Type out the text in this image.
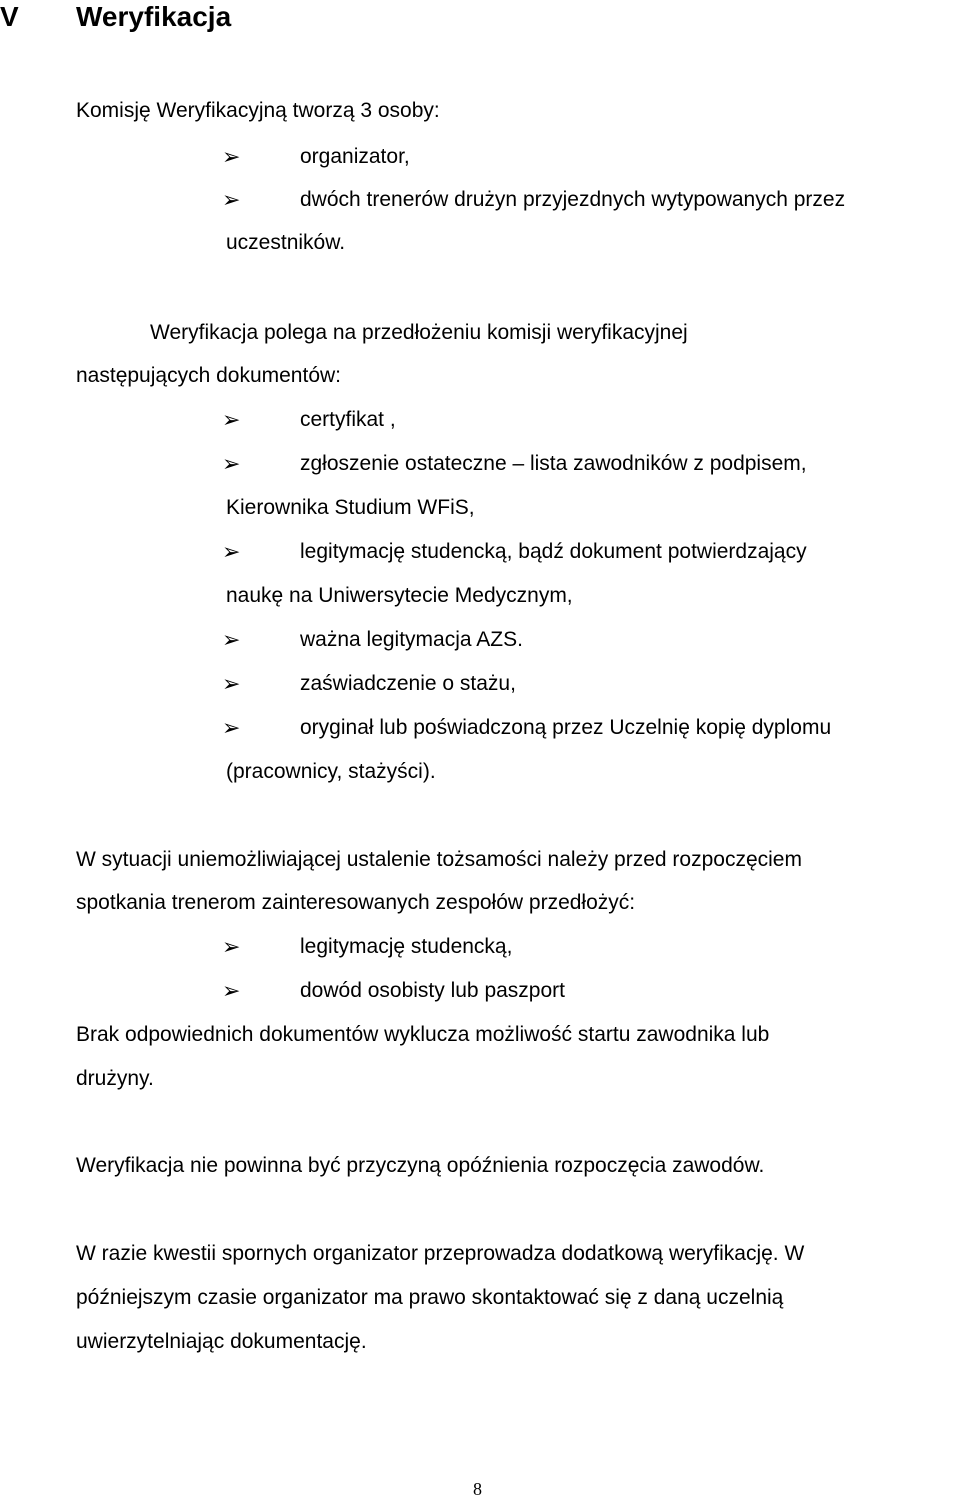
V Weryfikacja
Komisję Weryfikacyjną tworzą 3 osoby:
➢	organizator,
➢	dwóch trenerów drużyn przyjezdnych wytypowanych przez
uczestników.
Weryfikacja polega na przedłożeniu komisji weryfikacyjnej
następujących dokumentów:
➢	certyfikat ,
➢	zgłoszenie ostateczne – lista zawodników z podpisem,
Kierownika Studium WFiS,
➢	legitymację studencką, bądź dokument potwierdzający
naukę na Uniwersytecie Medycznym,
➢	ważna legitymacja AZS.
➢	zaświadczenie o stażu,
➢	oryginał lub poświadczoną przez Uczelnię kopię dyplomu
(pracownicy, stażyści).
W sytuacji uniemożliwiającej ustalenie tożsamości należy przed rozpoczęciem
spotkania trenerom zainteresowanych zespołów przedłożyć:
➢	legitymację studencką,
➢	dowód osobisty lub paszport
Brak odpowiednich dokumentów wyklucza możliwość startu zawodnika lub
drużyny.
Weryfikacja nie powinna być przyczyną opóźnienia rozpoczęcia zawodów.
W razie kwestii spornych organizator przeprowadza dodatkową weryfikację. W
późniejszym czasie organizator ma prawo skontaktować się z daną uczelnią
uwierzytelniając dokumentację.
8
